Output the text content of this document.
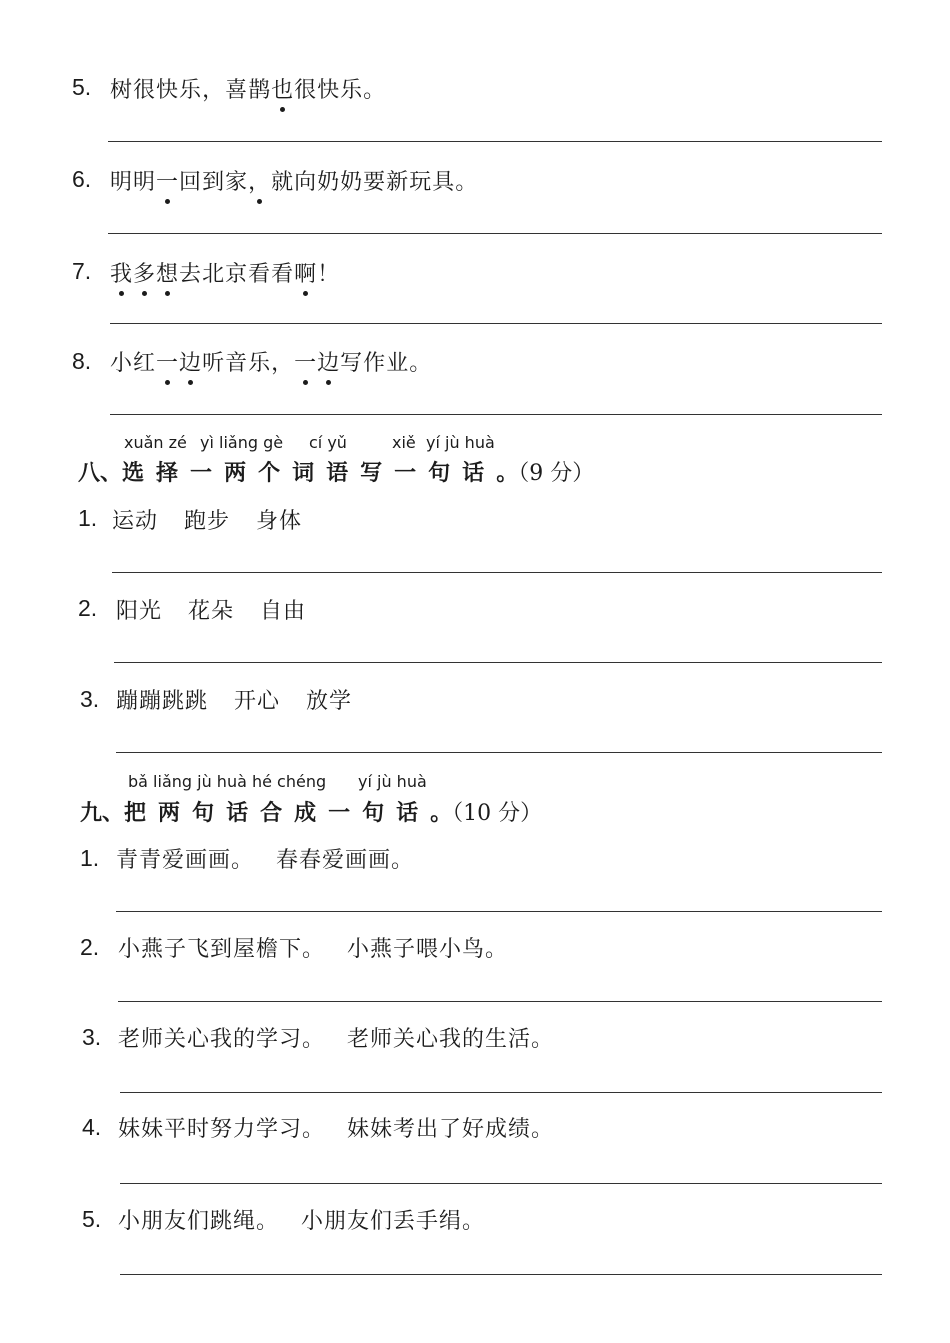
5. 树很快乐，喜鹊也很快乐。
6. 明明一回到家，就向奶奶要新玩具。
7. 我多想去北京看看啊！
8. 小红一边听音乐，一边写作业。
xuǎn zé yì liǎng gè cí yǔ	xiě yí jù huà
八、选择一两个词语写一句话。（9 分）
1. 运动 跑步 身体
2. 阳光 花朵 自由
3. 蹦蹦跳跳 开心 放学
bǎ liǎng jù huà hé chéng yí jù huà
九、把两句话合成一句话。（10 分）
1. 青青爱画画。 春春爱画画。
2. 小燕子飞到屋檐下。 小燕子喂小鸟。
3. 老师关心我的学习。 老师关心我的生活。
4. 妹妹平时努力学习。 妹妹考出了好成绩。
5. 小朋友们跳绳。 小朋友们丢手绢。
